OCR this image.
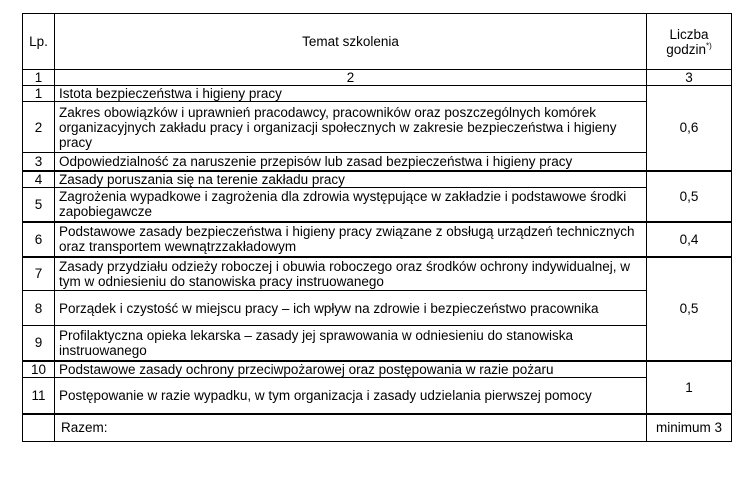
Lp.	Temat szkolenia	Liczba
godzin*)
1	2	3
1	Istota bezpieczeństwa i higieny pracy	0,6
2	Zakres obowiązków i uprawnień pracodawcy, pracowników oraz poszczególnych komórek organizacyjnych zakładu pracy i organizacji społecznych w zakresie bezpieczeństwa i higieny pracy	
3	Odpowiedzialność za naruszenie przepisów lub zasad bezpieczeństwa i higieny pracy	
4	Zasady poruszania się na terenie zakładu pracy	0,5
5	Zagrożenia wypadkowe i zagrożenia dla zdrowia występujące w zakładzie i podstawowe środki zapobiegawcze	
6	Podstawowe zasady bezpieczeństwa i higieny pracy związane z obsługą urządzeń technicznych oraz transportem wewnątrzzakładowym	0,4
7	Zasady przydziału odzieży roboczej i obuwia roboczego oraz środków ochrony indywidualnej, w tym w odniesieniu do stanowiska pracy instruowanego	0,5
8	Porządek i czystość w miejscu pracy – ich wpływ na zdrowie i bezpieczeństwo pracownika	
9	Profilaktyczna opieka lekarska – zasady jej sprawowania w odniesieniu do stanowiska instruowanego	
10	Podstawowe zasady ochrony przeciwpożarowej oraz postępowania w razie pożaru	1
11	Postępowanie w razie wypadku, w tym organizacja i zasady udzielania pierwszej pomocy	
	Razem:	minimum 3
